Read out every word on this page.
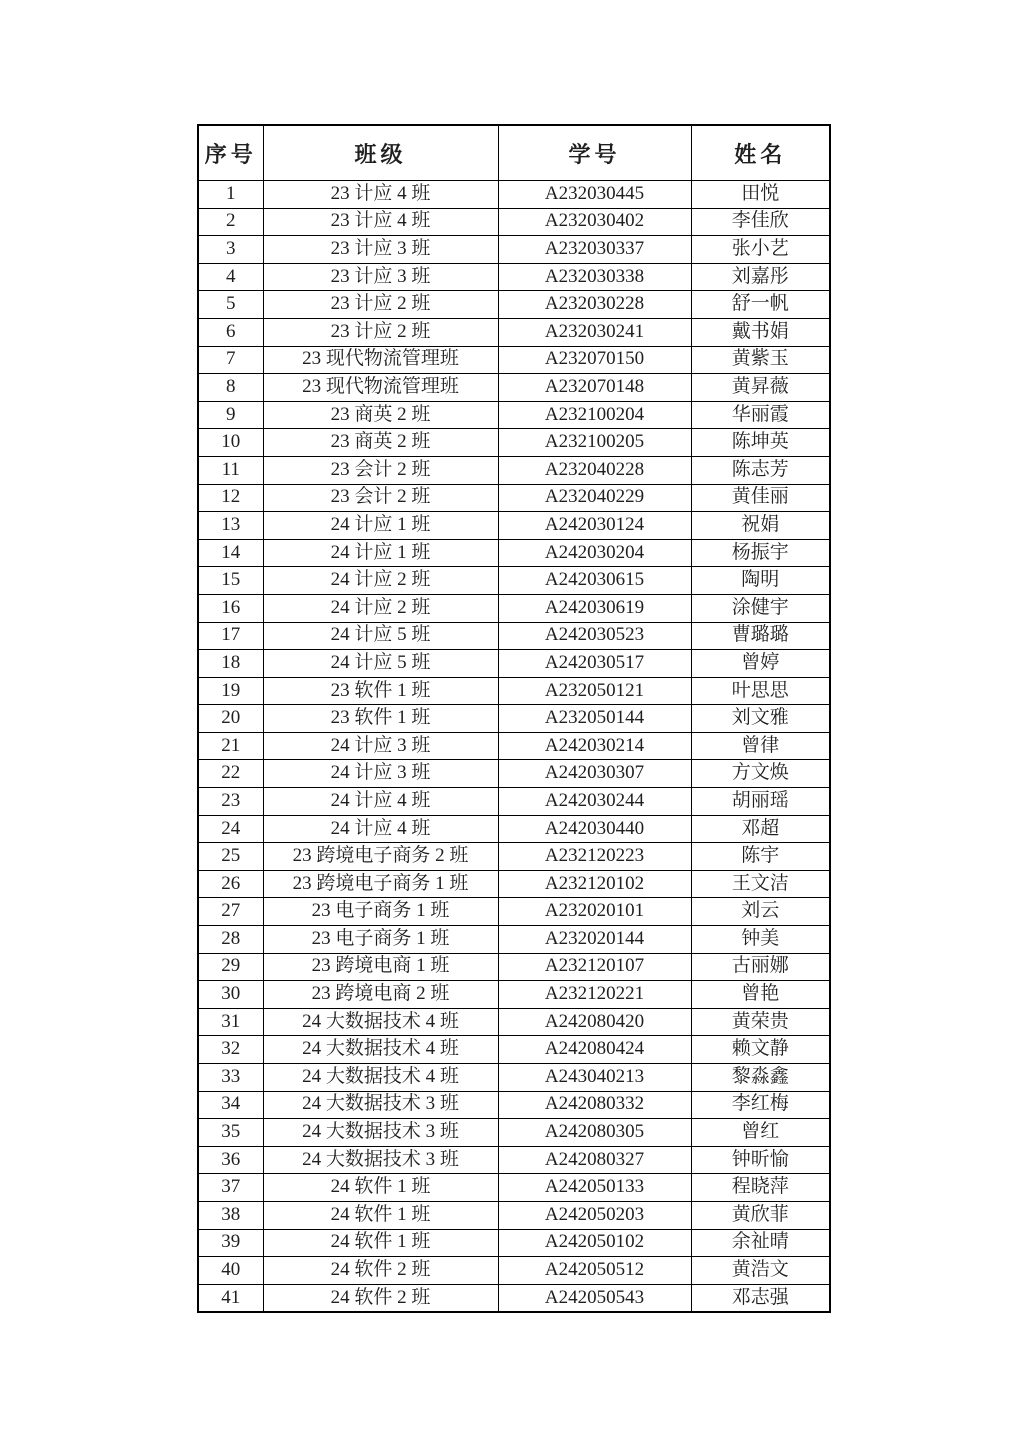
序号	班级	学号	姓名
1	23 计应 4 班	A232030445	田悦
2	23 计应 4 班	A232030402	李佳欣
3	23 计应 3 班	A232030337	张小艺
4	23 计应 3 班	A232030338	刘嘉彤
5	23 计应 2 班	A232030228	舒一帆
6	23 计应 2 班	A232030241	戴书娟
7	23 现代物流管理班	A232070150	黄紫玉
8	23 现代物流管理班	A232070148	黄昇薇
9	23 商英 2 班	A232100204	华丽霞
10	23 商英 2 班	A232100205	陈坤英
11	23 会计 2 班	A232040228	陈志芳
12	23 会计 2 班	A232040229	黄佳丽
13	24 计应 1 班	A242030124	祝娟
14	24 计应 1 班	A242030204	杨振宇
15	24 计应 2 班	A242030615	陶明
16	24 计应 2 班	A242030619	涂健宇
17	24 计应 5 班	A242030523	曹璐璐
18	24 计应 5 班	A242030517	曾婷
19	23 软件 1 班	A232050121	叶思思
20	23 软件 1 班	A232050144	刘文雅
21	24 计应 3 班	A242030214	曾律
22	24 计应 3 班	A242030307	方文焕
23	24 计应 4 班	A242030244	胡丽瑶
24	24 计应 4 班	A242030440	邓超
25	23 跨境电子商务 2 班	A232120223	陈宇
26	23 跨境电子商务 1 班	A232120102	王文洁
27	23 电子商务 1 班	A232020101	刘云
28	23 电子商务 1 班	A232020144	钟美
29	23 跨境电商 1 班	A232120107	古丽娜
30	23 跨境电商 2 班	A232120221	曾艳
31	24 大数据技术 4 班	A242080420	黄荣贵
32	24 大数据技术 4 班	A242080424	赖文静
33	24 大数据技术 4 班	A243040213	黎淼鑫
34	24 大数据技术 3 班	A242080332	李红梅
35	24 大数据技术 3 班	A242080305	曾红
36	24 大数据技术 3 班	A242080327	钟昕愉
37	24 软件 1 班	A242050133	程晓萍
38	24 软件 1 班	A242050203	黄欣菲
39	24 软件 1 班	A242050102	余祉晴
40	24 软件 2 班	A242050512	黄浩文
41	24 软件 2 班	A242050543	邓志强
